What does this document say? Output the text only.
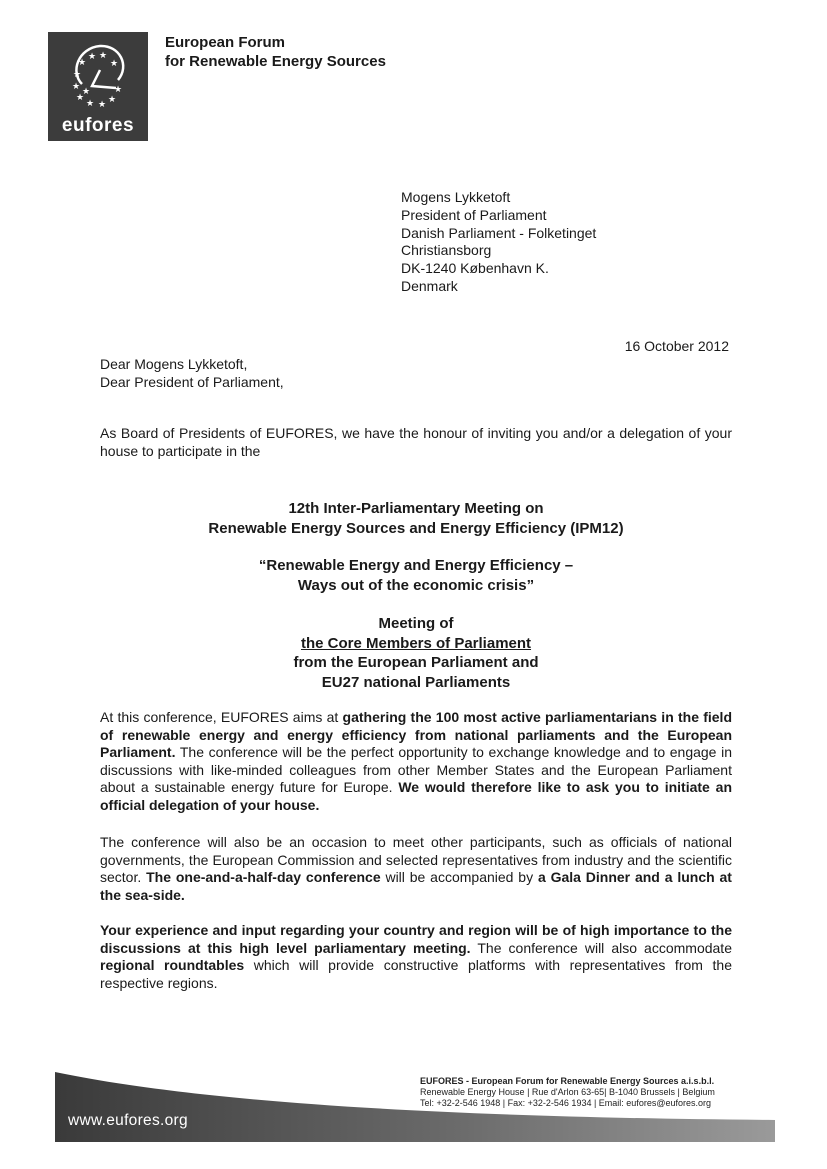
★
★ ★
★
★
★
★ ★ ★
★
★
★
eufores
European Forum
for Renewable Energy Sources
Mogens Lykketoft
President of Parliament
Danish Parliament - Folketinget
Christiansborg
DK-1240 København K.
Denmark
16 October 2012
Dear Mogens Lykketoft,
Dear President of Parliament,
As Board of Presidents of EUFORES, we have the honour of inviting you and/or a delegation of your house to participate in the
12th Inter-Parliamentary Meeting on
Renewable Energy Sources and Energy Efficiency (IPM12)
“Renewable Energy and Energy Efficiency –
Ways out of the economic crisis”
Meeting of
the Core Members of Parliament
from the European Parliament and
EU27 national Parliaments
At this conference, EUFORES aims at gathering the 100 most active parliamentarians in the field of renewable energy and energy efficiency from national parliaments and the European Parliament. The conference will be the perfect opportunity to exchange knowledge and to engage in discussions with like-minded colleagues from other Member States and the European Parliament about a sustainable energy future for Europe. We would therefore like to ask you to initiate an official delegation of your house.
The conference will also be an occasion to meet other participants, such as officials of national governments, the European Commission and selected representatives from industry and the scientific sector. The one-and-a-half-day conference will be accompanied by a Gala Dinner and a lunch at the sea-side.
Your experience and input regarding your country and region will be of high importance to the discussions at this high level parliamentary meeting. The conference will also accommodate regional roundtables which will provide constructive platforms with representatives from the respective regions.
www.eufores.org
EUFORES - European Forum for Renewable Energy Sources a.i.s.b.l.
Renewable Energy House | Rue d'Arlon 63-65| B-1040 Brussels | Belgium
Tel: +32-2-546 1948 | Fax: +32-2-546 1934 | Email: eufores@eufores.org
